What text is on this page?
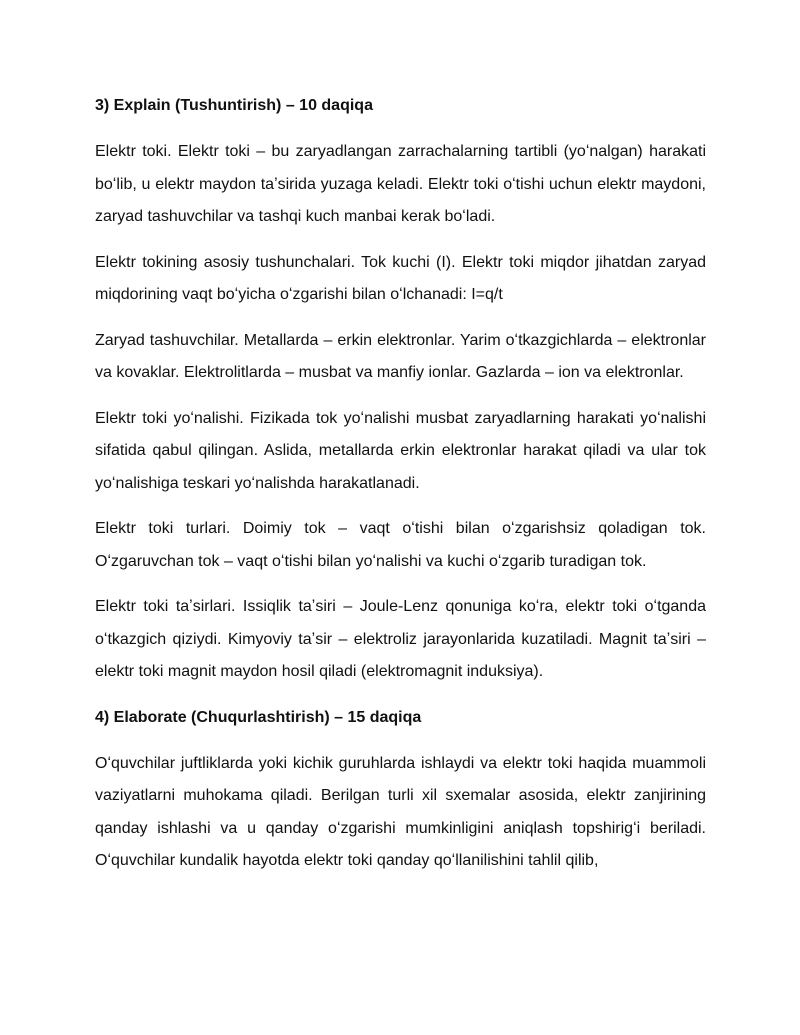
3) Explain (Tushuntirish) – 10 daqiqa

Elektr toki. Elektr toki – bu zaryadlangan zarrachalarning tartibli (yoʻnalgan) harakati boʻlib, u elektr maydon taʼsirida yuzaga keladi. Elektr toki oʻtishi uchun elektr maydoni, zaryad tashuvchilar va tashqi kuch manbai kerak boʻladi.

Elektr tokining asosiy tushunchalari. Tok kuchi (I). Elektr toki miqdor jihatdan zaryad miqdorining vaqt boʻyicha oʻzgarishi bilan oʻlchanadi: I=q/t

Zaryad tashuvchilar. Metallarda – erkin elektronlar. Yarim oʻtkazgichlarda – elektronlar va kovaklar. Elektrolitlarda – musbat va manfiy ionlar. Gazlarda – ion va elektronlar.

Elektr toki yoʻnalishi. Fizikada tok yoʻnalishi musbat zaryadlarning harakati yoʻnalishi sifatida qabul qilingan. Aslida, metallarda erkin elektronlar harakat qiladi va ular tok yoʻnalishiga teskari yoʻnalishda harakatlanadi.

Elektr toki turlari. Doimiy tok – vaqt oʻtishi bilan oʻzgarishsiz qoladigan tok. Oʻzgaruvchan tok – vaqt oʻtishi bilan yoʻnalishi va kuchi oʻzgarib turadigan tok.

Elektr toki taʼsirlari. Issiqlik taʼsiri – Joule-Lenz qonuniga koʻra, elektr toki oʻtganda oʻtkazgich qiziydi. Kimyoviy taʼsir – elektroliz jarayonlarida kuzatiladi. Magnit taʼsiri – elektr toki magnit maydon hosil qiladi (elektromagnit induksiya).

4) Elaborate (Chuqurlashtirish) – 15 daqiqa

Oʻquvchilar juftliklarda yoki kichik guruhlarda ishlaydi va elektr toki haqida muammoli vaziyatlarni muhokama qiladi. Berilgan turli xil sxemalar asosida, elektr zanjirining qanday ishlashi va u qanday oʻzgarishi mumkinligini aniqlash topshirigʻi beriladi. Oʻquvchilar kundalik hayotda elektr toki qanday qoʻllanilishini tahlil qilib,
